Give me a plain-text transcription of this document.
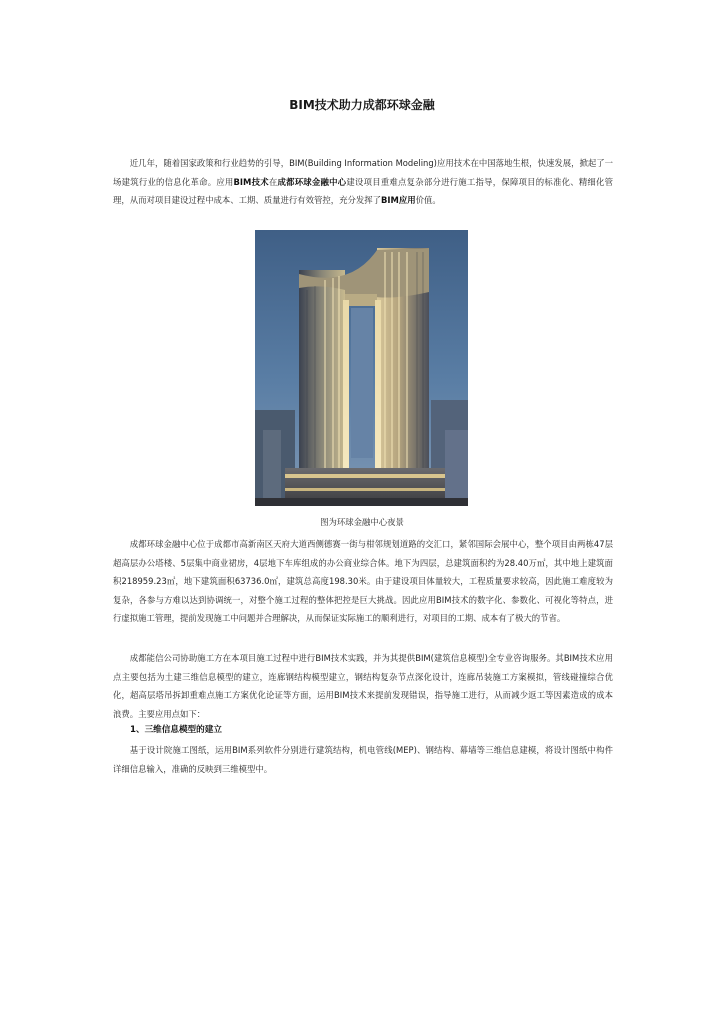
BIM技术助力成都环球金融
近几年，随着国家政策和行业趋势的引导，BIM(Building Information Modeling)应用技术在中国落地生根，快速发展，掀起了一场建筑行业的信息化革命。应用BIM技术在成都环球金融中心建设项目重难点复杂部分进行施工指导，保障项目的标准化、精细化管理，从而对项目建设过程中成本、工期、质量进行有效管控，充分发挥了BIM应用价值。
图为环球金融中心夜景
成都环球金融中心位于成都市高新南区天府大道西侧德赛一街与柑邻规划道路的交汇口，紧邻国际会展中心，整个项目由两栋47层超高层办公塔楼、5层集中商业裙房，4层地下车库组成的办公商业综合体。地下为四层，总建筑面积约为28.40万㎡，其中地上建筑面积218959.23㎡，地下建筑面积63736.0㎡，建筑总高度198.30米。由于建设项目体量较大，工程质量要求较高，因此施工难度较为复杂，各参与方难以达到协调统一，对整个施工过程的整体把控是巨大挑战。因此应用BIM技术的数字化、参数化、可视化等特点，进行虚拟施工管理，提前发现施工中问题并合理解决，从而保证实际施工的顺利进行，对项目的工期、成本有了极大的节省。
成都能信公司协助施工方在本项目施工过程中进行BIM技术实践，并为其提供BIM(建筑信息模型)全专业咨询服务。其BIM技术应用点主要包括为土建三维信息模型的建立，连廊钢结构模型建立，钢结构复杂节点深化设计，连廊吊装施工方案模拟，管线碰撞综合优化，超高层塔吊拆卸重难点施工方案优化论证等方面，运用BIM技术来提前发现错误，指导施工进行，从而减少返工等因素造成的成本浪费。主要应用点如下：
1、三维信息模型的建立
基于设计院施工图纸，运用BIM系列软件分别进行建筑结构，机电管线(MEP)、钢结构、幕墙等三维信息建模，将设计图纸中构件详细信息输入，准确的反映到三维模型中。
